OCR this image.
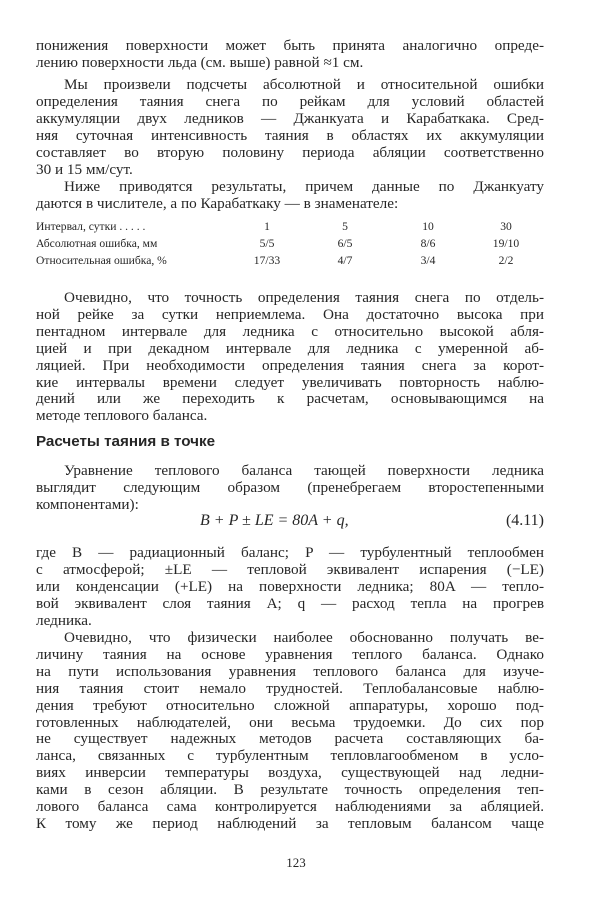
понижения поверхности может быть принята аналогично опреде-
лению поверхности льда (см. выше) равной ≈1 см.
Мы произвели подсчеты абсолютной и относительной ошибки
определения таяния снега по рейкам для условий областей
аккумуляции двух ледников — Джанкуата и Карабаткака. Сред-
няя суточная интенсивность таяния в областях их аккумуляции
составляет во вторую половину периода абляции соответственно
30 и 15 мм/сут.
Ниже приводятся результаты, причем данные по Джанкуату
даются в числителе, а по Карабаткаку — в знаменателе:
Интервал, сутки . . . . .	1	5	10	30
Абсолютная ошибка, мм	5/5	6/5	8/6	19/10
Относительная ошибка, %	17/33	4/7	3/4	2/2
Очевидно, что точность определения таяния снега по отдель-
ной рейке за сутки неприемлема. Она достаточно высока при
пентадном интервале для ледника с относительно высокой абля-
цией и при декадном интервале для ледника с умеренной аб-
ляцией. При необходимости определения таяния снега за корот-
кие интервалы времени следует увеличивать повторность наблю-
дений или же переходить к расчетам, основывающимся на
методе теплового баланса.
Расчеты таяния в точке
Уравнение теплового баланса тающей поверхности ледника
выглядит следующим образом (пренебрегаем второстепенными
компонентами):
B + P ± LE = 80A + q,	(4.11)
где B — радиационный баланс; P — турбулентный теплообмен
с атмосферой; ±LE — тепловой эквивалент испарения (−LE)
или конденсации (+LE) на поверхности ледника; 80A — тепло-
вой эквивалент слоя таяния A; q — расход тепла на прогрев
ледника.
Очевидно, что физически наиболее обоснованно получать ве-
личину таяния на основе уравнения теплого баланса. Однако
на пути использования уравнения теплового баланса для изуче-
ния таяния стоит немало трудностей. Теплобалансовые наблю-
дения требуют относительно сложной аппаратуры, хорошо под-
готовленных наблюдателей, они весьма трудоемки. До сих пор
не существует надежных методов расчета составляющих ба-
ланса, связанных с турбулентным тепловлагообменом в усло-
виях инверсии температуры воздуха, существующей над ледни-
ками в сезон абляции. В результате точность определения теп-
лового баланса сама контролируется наблюдениями за абляцией.
К тому же период наблюдений за тепловым балансом чаще
123
